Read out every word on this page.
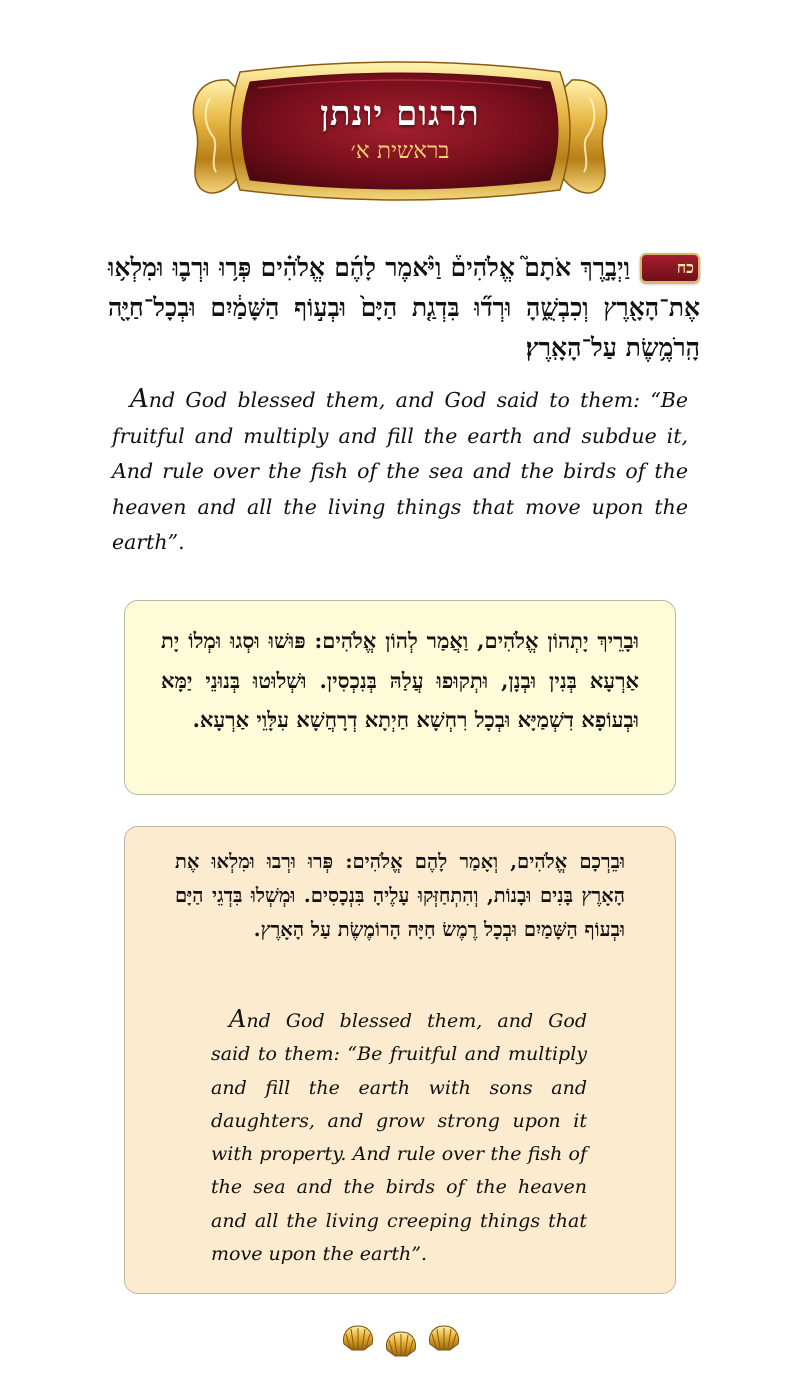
תרגום יונתן
בראשית א׳
כחוַיְבָ֣רֶךְ אֹתָם֮ אֱלֹהִים֒ וַיֹּ֨אמֶר לָהֶ֜ם אֱלֹהִ֗ים פְּר֥וּ וּרְב֛וּ וּמִלְא֥וּ אֶת־הָאָ֖רֶץ וְכִבְשֻׁ֑הָ וּרְד֞וּ בִּדְגַ֤ת הַיָּם֙ וּבְע֣וֹף הַשָּׁמַ֔יִם וּבְכָל־חַיָּ֖ה הָֽרֹמֶ֥שֶׂת עַל־הָאָֽרֶץ׃
And God blessed them, and God said to them: “Be fruitful and multiply and fill the earth and subdue it, And rule over the fish of the sea and the birds of the heaven and all the living things that move upon the earth”.
וּבָרֵיךְ יָתְהוֹן אֱלֹהִים, וַאֲמַר לְהוֹן אֱלֹהִים: פּוּשׁוּ וּסְגוּ וּמְלוֹ יָת אַרְעָא בְּנִין וּבְנָן, וּתְקוּפוּ עֲלַהּ בְּנִכְסִין. וּשְׁלוּטוּ בְּנוּנֵי יַמָּא וּבְעוֹפָא דִשְׁמַיָּא וּבְכָל רִחְשָׁא חַיְתָא דְרָחֲשָׁא עִלָּוֵי אַרְעָא.
וּבֵרְכָם אֱלֹהִים, וְאָמַר לָהֶם אֱלֹהִים: פְּרוּ וּרְבוּ וּמִלְאוּ אֶת הָאָרֶץ בָּנִים וּבָנוֹת, וְהִתְחַזְּקוּ עָלֶיהָ בִּנְכָסִים. וּמְשְׁלוּ בִּדְגֵי הַיָּם וּבְעוֹף הַשָּׁמַיִם וּבְכָל רֶמֶשׂ חַיָּה הָרוֹמֶשֶׂת עַל הָאָרֶץ.
And God blessed them, and God said to them: “Be fruitful and multiply and fill the earth with sons and daughters, and grow strong upon it with property. And rule over the fish of the sea and the birds of the heaven and all the living creeping things that move upon the earth”.
